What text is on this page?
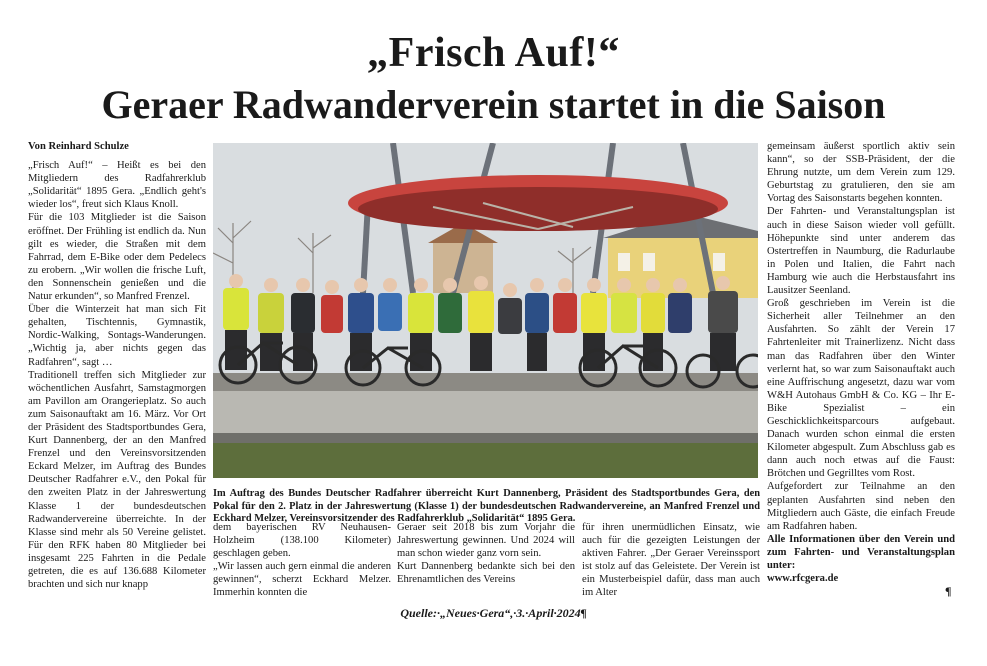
„Frisch Auf!“
Geraer Radwanderverein startet in die Saison

Von Reinhard Schulze

„Frisch Auf!“ – Heißt es bei den Mitgliedern des Radfahrerklub „Solidarität“ 1895 Gera. „Endlich geht's wieder los“, freut sich Klaus Knoll.

Für die 103 Mitglieder ist die Saison eröffnet. Der Frühling ist endlich da. Nun gilt es wieder, die Straßen mit dem Fahrrad, dem E-Bike oder dem Pedelecs zu erobern. „Wir wollen die frische Luft, den Sonnenschein genießen und die Natur erkunden“, so Manfred Frenzel.

Über die Winterzeit hat man sich Fit gehalten, Tischtennis, Gymnastik, Nordic-Walking, Sontags-Wanderungen. „Wichtig ja, aber nichts gegen das Radfahren“, sagt …

Traditionell treffen sich Mitglieder zur wöchentlichen Ausfahrt, Samstagmorgen am Pavillon am Orangerieplatz. So auch zum Saisonauftakt am 16. März. Vor Ort der Präsident des Stadtsportbundes Gera, Kurt Dannenberg, der an den Manfred Frenzel und den Vereinsvorsitzenden Eckard Melzer, im Auftrag des Bundes Deutscher Radfahrer e.V., den Pokal für den zweiten Platz in der Jahreswertung Klasse 1 der bundesdeutschen Radwandervereine überreichte. In der Klasse sind mehr als 50 Vereine gelistet. Für den RFK haben 80 Mitglieder bei insgesamt 225 Fahrten in die Pedale getreten, die es auf 136.688 Kilometer brachten und sich nur knapp

Im Auftrag des Bundes Deutscher Radfahrer überreicht Kurt Dannenberg, Präsident des Stadtsportbundes Gera, den Pokal für den 2. Platz in der Jahreswertung (Klasse 1) der bundesdeutschen Radwandervereine, an Manfred Frenzel und Eckhard Melzer, Vereinsvorsitzender des Radfahrerklub „Solidarität“ 1895 Gera.

dem bayerischen RV Neuhausen-Holzheim (138.100 Kilometer) geschlagen geben.

„Wir lassen auch gern einmal die anderen gewinnen“, scherzt Eckhard Melzer. Immerhin konnten die

Geraer seit 2018 bis zum Vorjahr die Jahreswertung gewinnen. Und 2024 will man schon wieder ganz vorn sein.

Kurt Dannenberg bedankte sich bei den Ehrenamtlichen des Vereins

für ihren unermüdlichen Einsatz, wie auch für die gezeigten Leistungen der aktiven Fahrer. „Der Geraer Vereinssport ist stolz auf das Geleistete. Der Verein ist ein Musterbeispiel dafür, dass man auch im Alter

gemeinsam äußerst sportlich aktiv sein kann“, so der SSB-Präsident, der die Ehrung nutzte, um dem Verein zum 129. Geburtstag zu gratulieren, den sie am Vortag des Saisonstarts begehen konnten.

Der Fahrten- und Veranstaltungsplan ist auch in diese Saison wieder voll gefüllt. Höhepunkte sind unter anderem das Ostertreffen in Naumburg, die Radurlaube in Polen und Italien, die Fahrt nach Hamburg wie auch die Herbstausfahrt ins Lausitzer Seenland.

Groß geschrieben im Verein ist die Sicherheit aller Teilnehmer an den Ausfahrten. So zählt der Verein 17 Fahrtenleiter mit Trainerlizenz. Nicht dass man das Radfahren über den Winter verlernt hat, so war zum Saisonauftakt auch eine Auffrischung angesetzt, dazu war vom W&H Autohaus GmbH & Co. KG – Ihr E-Bike Spezialist – ein Geschicklichkeitsparcours aufgebaut. Danach wurden schon einmal die ersten Kilometer abgespult. Zum Abschluss gab es dann auch noch etwas auf die Faust: Brötchen und Gegrilltes vom Rost.

Aufgefordert zur Teilnahme an den geplanten Ausfahrten sind neben den Mitgliedern auch Gäste, die einfach Freude am Radfahren haben.

Alle Informationen über den Verein und zum Fahrten- und Veranstaltungsplan unter:

www.rfcgera.de

¶
Quelle:·„Neues·Gera“,·3.·April·2024¶
